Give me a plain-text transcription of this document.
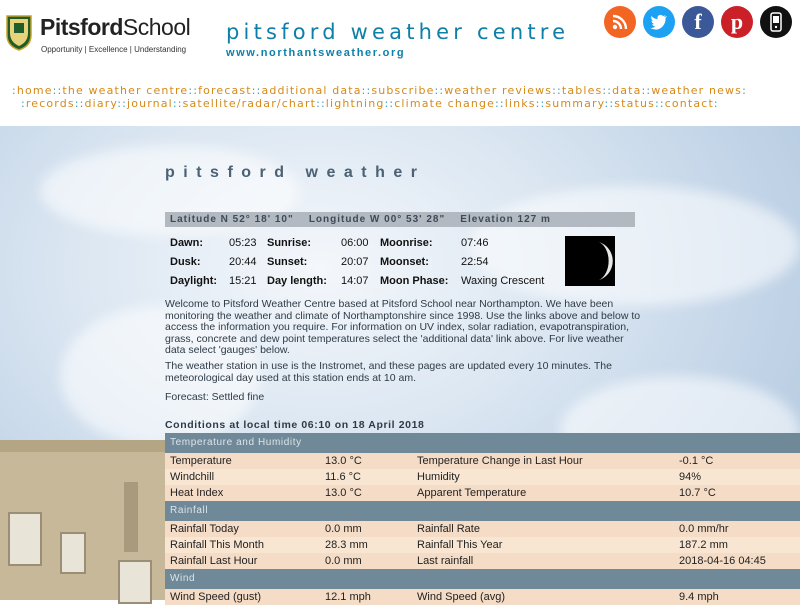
PitsfordSchool
Opportunity | Excellence | Understanding
pitsford weather centre
www.northantsweather.org
f	p
:home::the weather centre::forecast::additional data::subscribe::weather reviews::tables::data::weather news:
:records::diary::journal::satellite/radar/chart::lightning::climate change::links::summary::status::contact:
pitsford weather
Latitude N 52° 18' 10"    Longitude W 00° 53' 28"    Elevation 127 m
Dawn: 05:23 Sunrise:	06:00 Moonrise:	07:46
Dusk:	20:44 Sunset:	20:07 Moonset:	22:54
Daylight: 15:21 Day length: 14:07 Moon Phase: Waxing Crescent
Welcome to Pitsford Weather Centre based at Pitsford School near Northampton. We have been monitoring the weather and climate of Northamptonshire since 1998. Use the links above and below to access the information you require. For information on UV index, solar radiation, evapotranspiration, grass, concrete and dew point temperatures select the 'additional data' link above. For live weather data select 'gauges' below.
The weather station in use is the Instromet, and these pages are updated every 10 minutes. The meteorological day used at this station ends at 10 am.
Forecast: Settled fine
Conditions at local time 06:10 on 18 April 2018
Temperature and Humidity
Temperature	13.0 °C	Temperature Change in Last Hour	-0.1 °C
Windchill	11.6 °C	Humidity	94%
Heat Index	13.0 °C	Apparent Temperature	10.7 °C
Rainfall
Rainfall Today	0.0 mm	Rainfall Rate	0.0 mm/hr
Rainfall This Month	28.3 mm	Rainfall This Year	187.2 mm
Rainfall Last Hour	0.0 mm	Last rainfall	2018-04-16 04:45
Wind
Wind Speed (gust)	12.1 mph	Wind Speed (avg)	9.4 mph
